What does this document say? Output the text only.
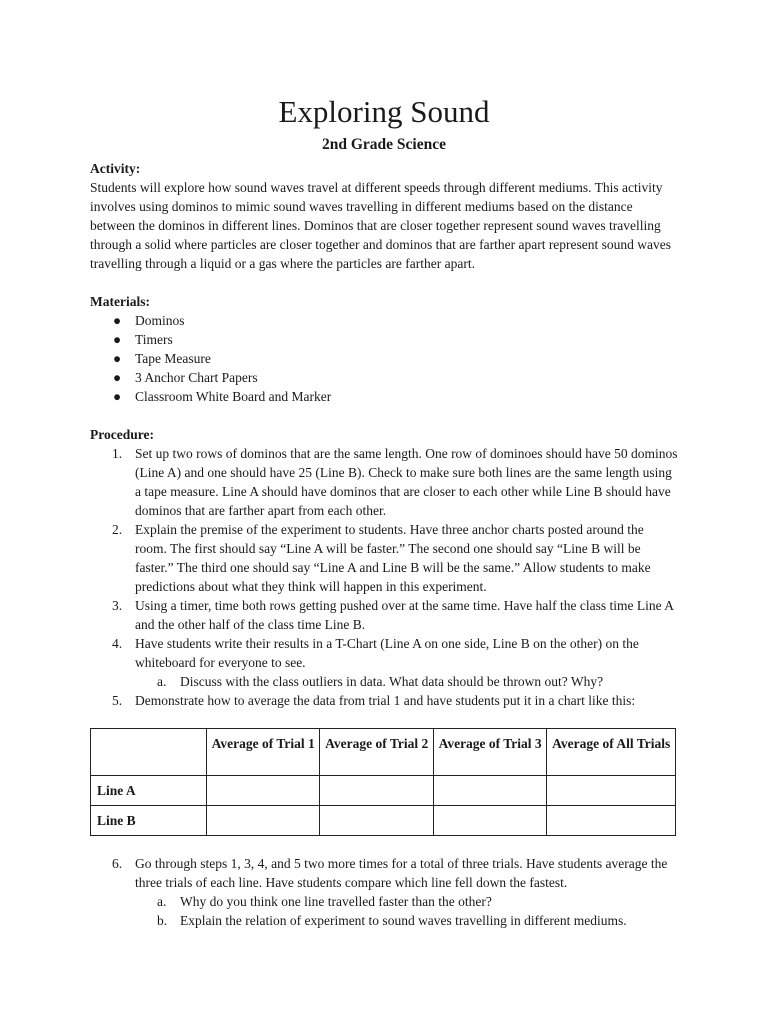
Exploring Sound
2nd Grade Science
Activity:

Students will explore how sound waves travel at different speeds through different mediums. This activity involves using dominos to mimic sound waves travelling in different mediums based on the distance between the dominos in different lines. Dominos that are closer together represent sound waves travelling through a solid where particles are closer together and dominos that are farther apart represent sound waves travelling through a liquid or a gas where the particles are farther apart.

Materials:
● Dominos
● Timers
● Tape Measure
● 3 Anchor Chart Papers
● Classroom White Board and Marker
Procedure:
1. Set up two rows of dominos that are the same length. One row of dominoes should have 50 dominos (Line A) and one should have 25 (Line B). Check to make sure both lines are the same length using a tape measure. Line A should have dominos that are closer to each other while Line B should have dominos that are farther apart from each other.
2. Explain the premise of the experiment to students. Have three anchor charts posted around the room. The first should say “Line A will be faster.” The second one should say “Line B will be faster.” The third one should say “Line A and Line B will be the same.” Allow students to make predictions about what they think will happen in this experiment.
3. Using a timer, time both rows getting pushed over at the same time. Have half the class time Line A and the other half of the class time Line B.
4. Have students write their results in a T-Chart (Line A on one side, Line B on the other) on the whiteboard for everyone to see.
a. Discuss with the class outliers in data. What data should be thrown out? Why?
5. Demonstrate how to average the data from trial 1 and have students put it in a chart like this:
	Average of Trial 1	Average of Trial 2	Average of Trial 3	Average of All Trials
Line A				
Line B				
6. Go through steps 1, 3, 4, and 5 two more times for a total of three trials. Have students average the three trials of each line. Have students compare which line fell down the fastest.
a. Why do you think one line travelled faster than the other?
b. Explain the relation of experiment to sound waves travelling in different mediums.
